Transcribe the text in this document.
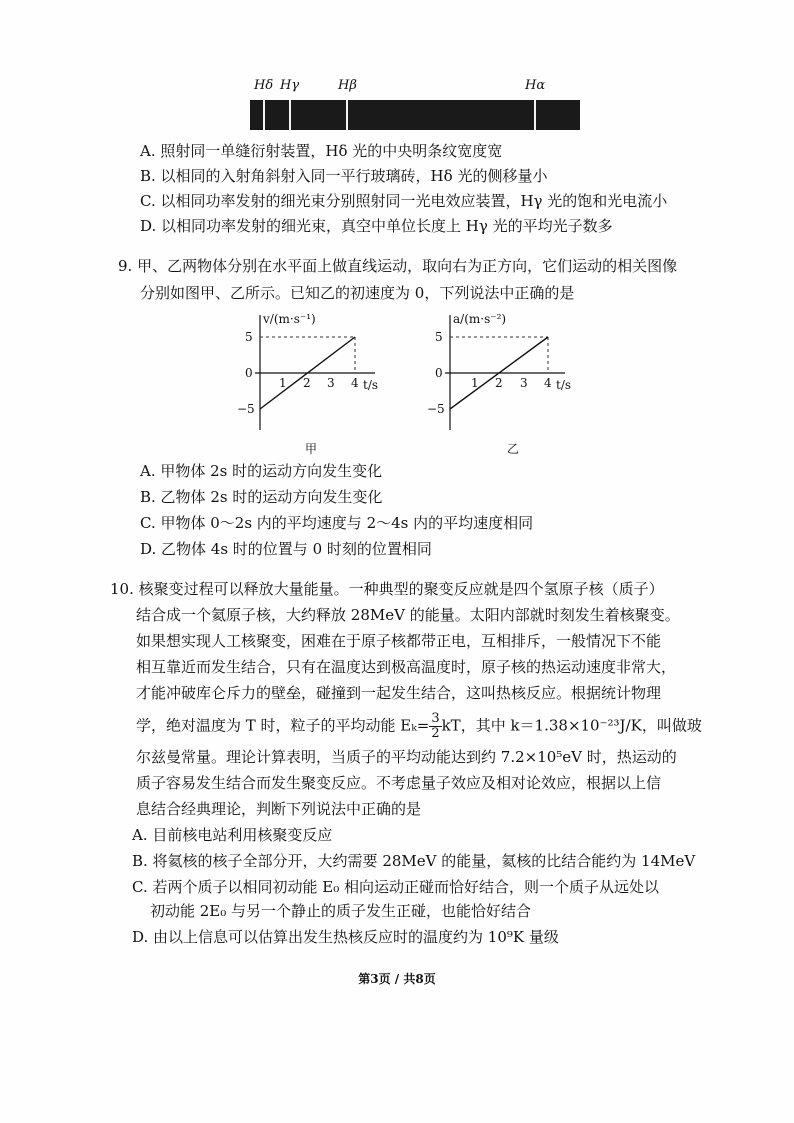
Hδ Hγ	Hβ	Hα
A. 照射同一单缝衍射装置，Hδ 光的中央明条纹宽度宽
B. 以相同的入射角斜射入同一平行玻璃砖，Hδ 光的侧移量小
C. 以相同功率发射的细光束分别照射同一光电效应装置，Hγ 光的饱和光电流小
D. 以相同功率发射的细光束，真空中单位长度上 Hγ 光的平均光子数多
9. 甲、乙两物体分别在水平面上做直线运动，取向右为正方向，它们运动的相关图像
分别如图甲、乙所示。已知乙的初速度为 0，下列说法中正确的是
v/(m·s⁻¹)
5
0
−5
1 2 3 4 t/s
甲
a/(m·s⁻²)
5
0
−5
1 2 3 4 t/s
乙
A. 甲物体 2s 时的运动方向发生变化
B. 乙物体 2s 时的运动方向发生变化
C. 甲物体 0～2s 内的平均速度与 2～4s 内的平均速度相同
D. 乙物体 4s 时的位置与 0 时刻的位置相同
10. 核聚变过程可以释放大量能量。一种典型的聚变反应就是四个氢原子核（质子）
结合成一个氦原子核，大约释放 28MeV 的能量。太阳内部就时刻发生着核聚变。
如果想实现人工核聚变，困难在于原子核都带正电，互相排斥，一般情况下不能
相互靠近而发生结合，只有在温度达到极高温度时，原子核的热运动速度非常大，
才能冲破库仑斥力的壁垒，碰撞到一起发生结合，这叫热核反应。根据统计物理
学，绝对温度为 T 时，粒子的平均动能 $E_k= \frac{3}{2}$ kT，其中 k＝1.38×10⁻²³J/K，叫做玻
尔兹曼常量。理论计算表明，当质子的平均动能达到约 7.2×10⁵eV 时，热运动的
质子容易发生结合而发生聚变反应。不考虑量子效应及相对论效应，根据以上信
息结合经典理论，判断下列说法中正确的是
A. 目前核电站利用核聚变反应
B. 将氦核的核子全部分开，大约需要 28MeV 的能量，氦核的比结合能约为 14MeV
C. 若两个质子以相同初动能 E₀ 相向运动正碰而恰好结合，则一个质子从远处以
初动能 2E₀ 与另一个静止的质子发生正碰，也能恰好结合
D. 由以上信息可以估算出发生热核反应时的温度约为 10⁹K 量级
第3页 / 共8页
